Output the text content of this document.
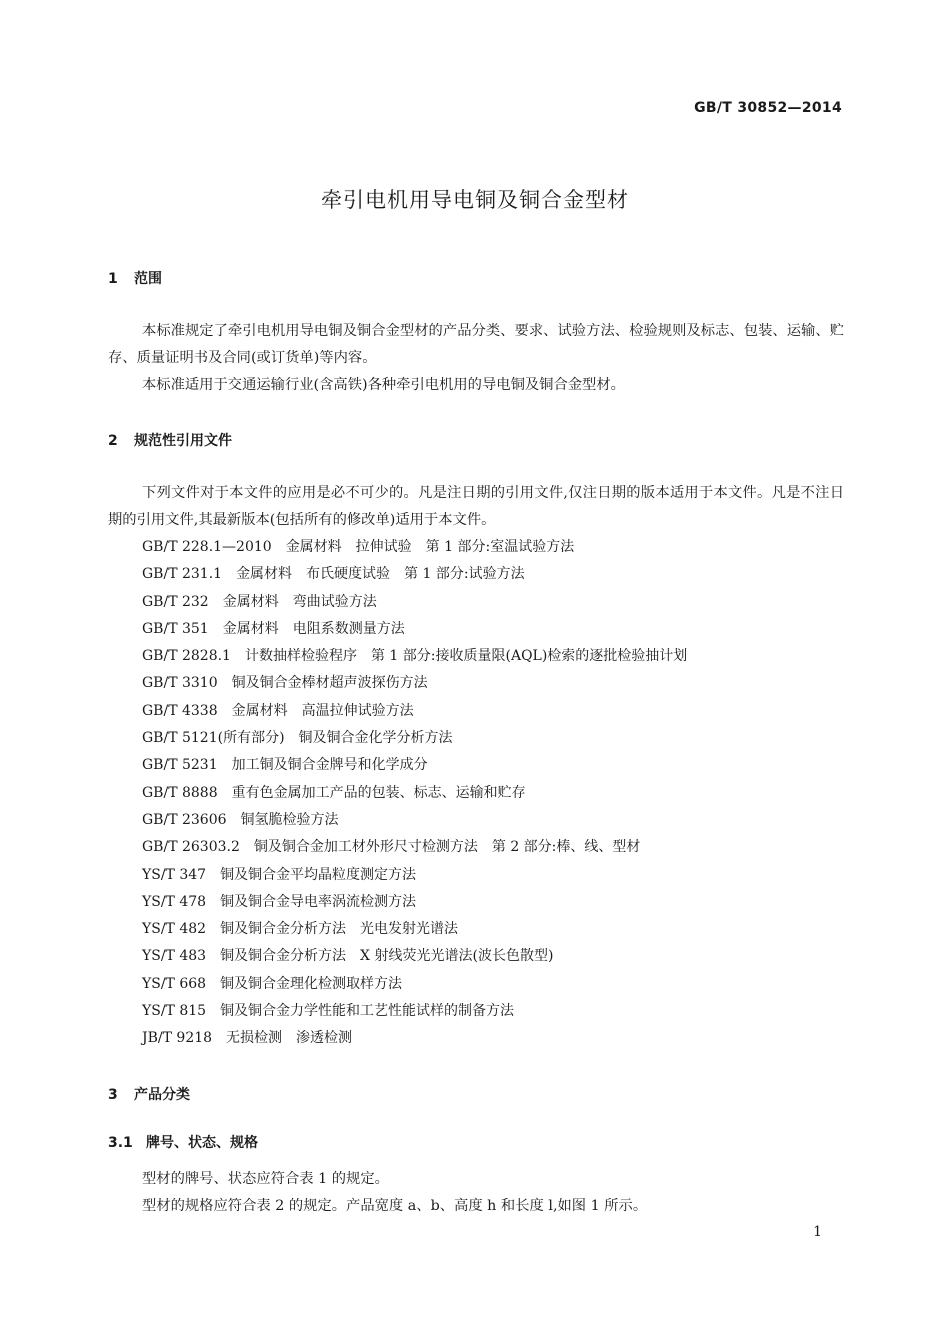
GB/T 30852—2014
牵引电机用导电铜及铜合金型材
1 范围
本标准规定了牵引电机用导电铜及铜合金型材的产品分类、要求、试验方法、检验规则及标志、包装、运输、贮存、质量证明书及合同(或订货单)等内容。
本标准适用于交通运输行业(含高铁)各种牵引电机用的导电铜及铜合金型材。
2 规范性引用文件
下列文件对于本文件的应用是必不可少的。凡是注日期的引用文件,仅注日期的版本适用于本文件。凡是不注日期的引用文件,其最新版本(包括所有的修改单)适用于本文件。
GB/T 228.1—2010 金属材料　拉伸试验　第 1 部分:室温试验方法
GB/T 231.1 金属材料　布氏硬度试验　第 1 部分:试验方法
GB/T 232 金属材料　弯曲试验方法
GB/T 351 金属材料　电阻系数测量方法
GB/T 2828.1 计数抽样检验程序　第 1 部分:接收质量限(AQL)检索的逐批检验抽计划
GB/T 3310 铜及铜合金棒材超声波探伤方法
GB/T 4338 金属材料　高温拉伸试验方法
GB/T 5121(所有部分) 铜及铜合金化学分析方法
GB/T 5231 加工铜及铜合金牌号和化学成分
GB/T 8888 重有色金属加工产品的包装、标志、运输和贮存
GB/T 23606 铜氢脆检验方法
GB/T 26303.2 铜及铜合金加工材外形尺寸检测方法　第 2 部分:棒、线、型材
YS/T 347 铜及铜合金平均晶粒度测定方法
YS/T 478 铜及铜合金导电率涡流检测方法
YS/T 482 铜及铜合金分析方法　光电发射光谱法
YS/T 483 铜及铜合金分析方法　X 射线荧光光谱法(波长色散型)
YS/T 668 铜及铜合金理化检测取样方法
YS/T 815 铜及铜合金力学性能和工艺性能试样的制备方法
JB/T 9218 无损检测　渗透检测
3 产品分类
3.1 牌号、状态、规格
型材的牌号、状态应符合表 1 的规定。
型材的规格应符合表 2 的规定。产品宽度 a、b、高度 h 和长度 l,如图 1 所示。
1
